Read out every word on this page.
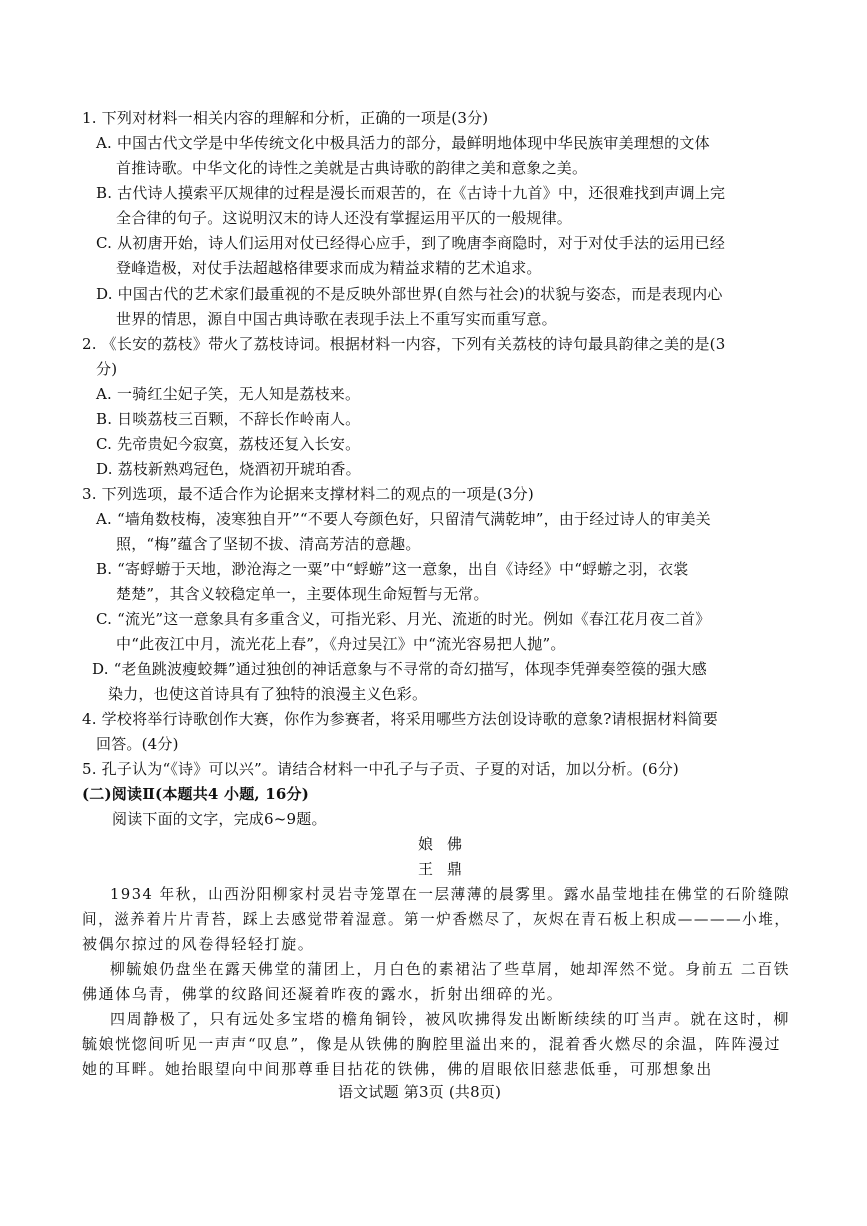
1. 下列对材料一相关内容的理解和分析，正确的一项是(3分)
A. 中国古代文学是中华传统文化中极具活力的部分，最鲜明地体现中华民族审美理想的文体
首推诗歌。中华文化的诗性之美就是古典诗歌的韵律之美和意象之美。
B. 古代诗人摸索平仄规律的过程是漫长而艰苦的，在《古诗十九首》中，还很难找到声调上完
全合律的句子。这说明汉末的诗人还没有掌握运用平仄的一般规律。
C. 从初唐开始，诗人们运用对仗已经得心应手，到了晚唐李商隐时，对于对仗手法的运用已经
登峰造极，对仗手法超越格律要求而成为精益求精的艺术追求。
D. 中国古代的艺术家们最重视的不是反映外部世界(自然与社会)的状貌与姿态，而是表现内心
世界的情思，源自中国古典诗歌在表现手法上不重写实而重写意。
2. 《长安的荔枝》带火了荔枝诗词。根据材料一内容，下列有关荔枝的诗句最具韵律之美的是(3
分)
A. 一骑红尘妃子笑，无人知是荔枝来。
B. 日啖荔枝三百颗，不辞长作岭南人。
C. 先帝贵妃今寂寞，荔枝还复入长安。
D. 荔枝新熟鸡冠色，烧酒初开琥珀香。
3. 下列选项，最不适合作为论据来支撑材料二的观点的一项是(3分)
A. “墙角数枝梅，凌寒独自开”“不要人夸颜色好，只留清气满乾坤”，由于经过诗人的审美关
照，“梅”蕴含了坚韧不拔、清高芳洁的意趣。
B. “寄蜉蝣于天地，渺沧海之一粟”中“蜉蝣”这一意象，出自《诗经》中“蜉蝣之羽，衣裳
楚楚”，其含义较稳定单一，主要体现生命短暂与无常。
C. “流光”这一意象具有多重含义，可指光彩、月光、流逝的时光。例如《春江花月夜二首》
中“此夜江中月，流光花上春”，《舟过吴江》中“流光容易把人抛”。
D. “老鱼跳波瘦蛟舞”通过独创的神话意象与不寻常的奇幻描写，体现李凭弹奏箜篌的强大感
染力，也使这首诗具有了独特的浪漫主义色彩。
4. 学校将举行诗歌创作大赛，你作为参赛者，将采用哪些方法创设诗歌的意象?请根据材料简要
回答。(4分)
5. 孔子认为“《诗》可以兴”。请结合材料一中孔子与子贡、子夏的对话，加以分析。(6分)
(二)阅读Ⅱ(本题共4 小题, 16分)
阅读下面的文字，完成6~9题。
娘佛
王鼎
1934 年秋，山西汾阳柳家村灵岩寺笼罩在一层薄薄的晨雾里。露水晶莹地挂在佛堂的石阶缝隙
间，滋养着片片青苔，踩上去感觉带着湿意。第一炉香燃尽了，灰烬在青石板上积成————小堆，
被偶尔掠过的风卷得轻轻打旋。
柳毓娘仍盘坐在露天佛堂的蒲团上，月白色的素裙沾了些草屑，她却浑然不觉。身前五 二百铁
佛通体乌青，佛掌的纹路间还凝着昨夜的露水，折射出细碎的光。
四周静极了，只有远处多宝塔的檐角铜铃，被风吹拂得发出断断续续的叮当声。就在这时，柳
毓娘恍惚间听见一声声“叹息”，像是从铁佛的胸腔里溢出来的，混着香火燃尽的余温，阵阵漫过
她的耳畔。她抬眼望向中间那尊垂目拈花的铁佛，佛的眉眼依旧慈悲低垂，可那想象出
语文试题 第3页 (共8页)
